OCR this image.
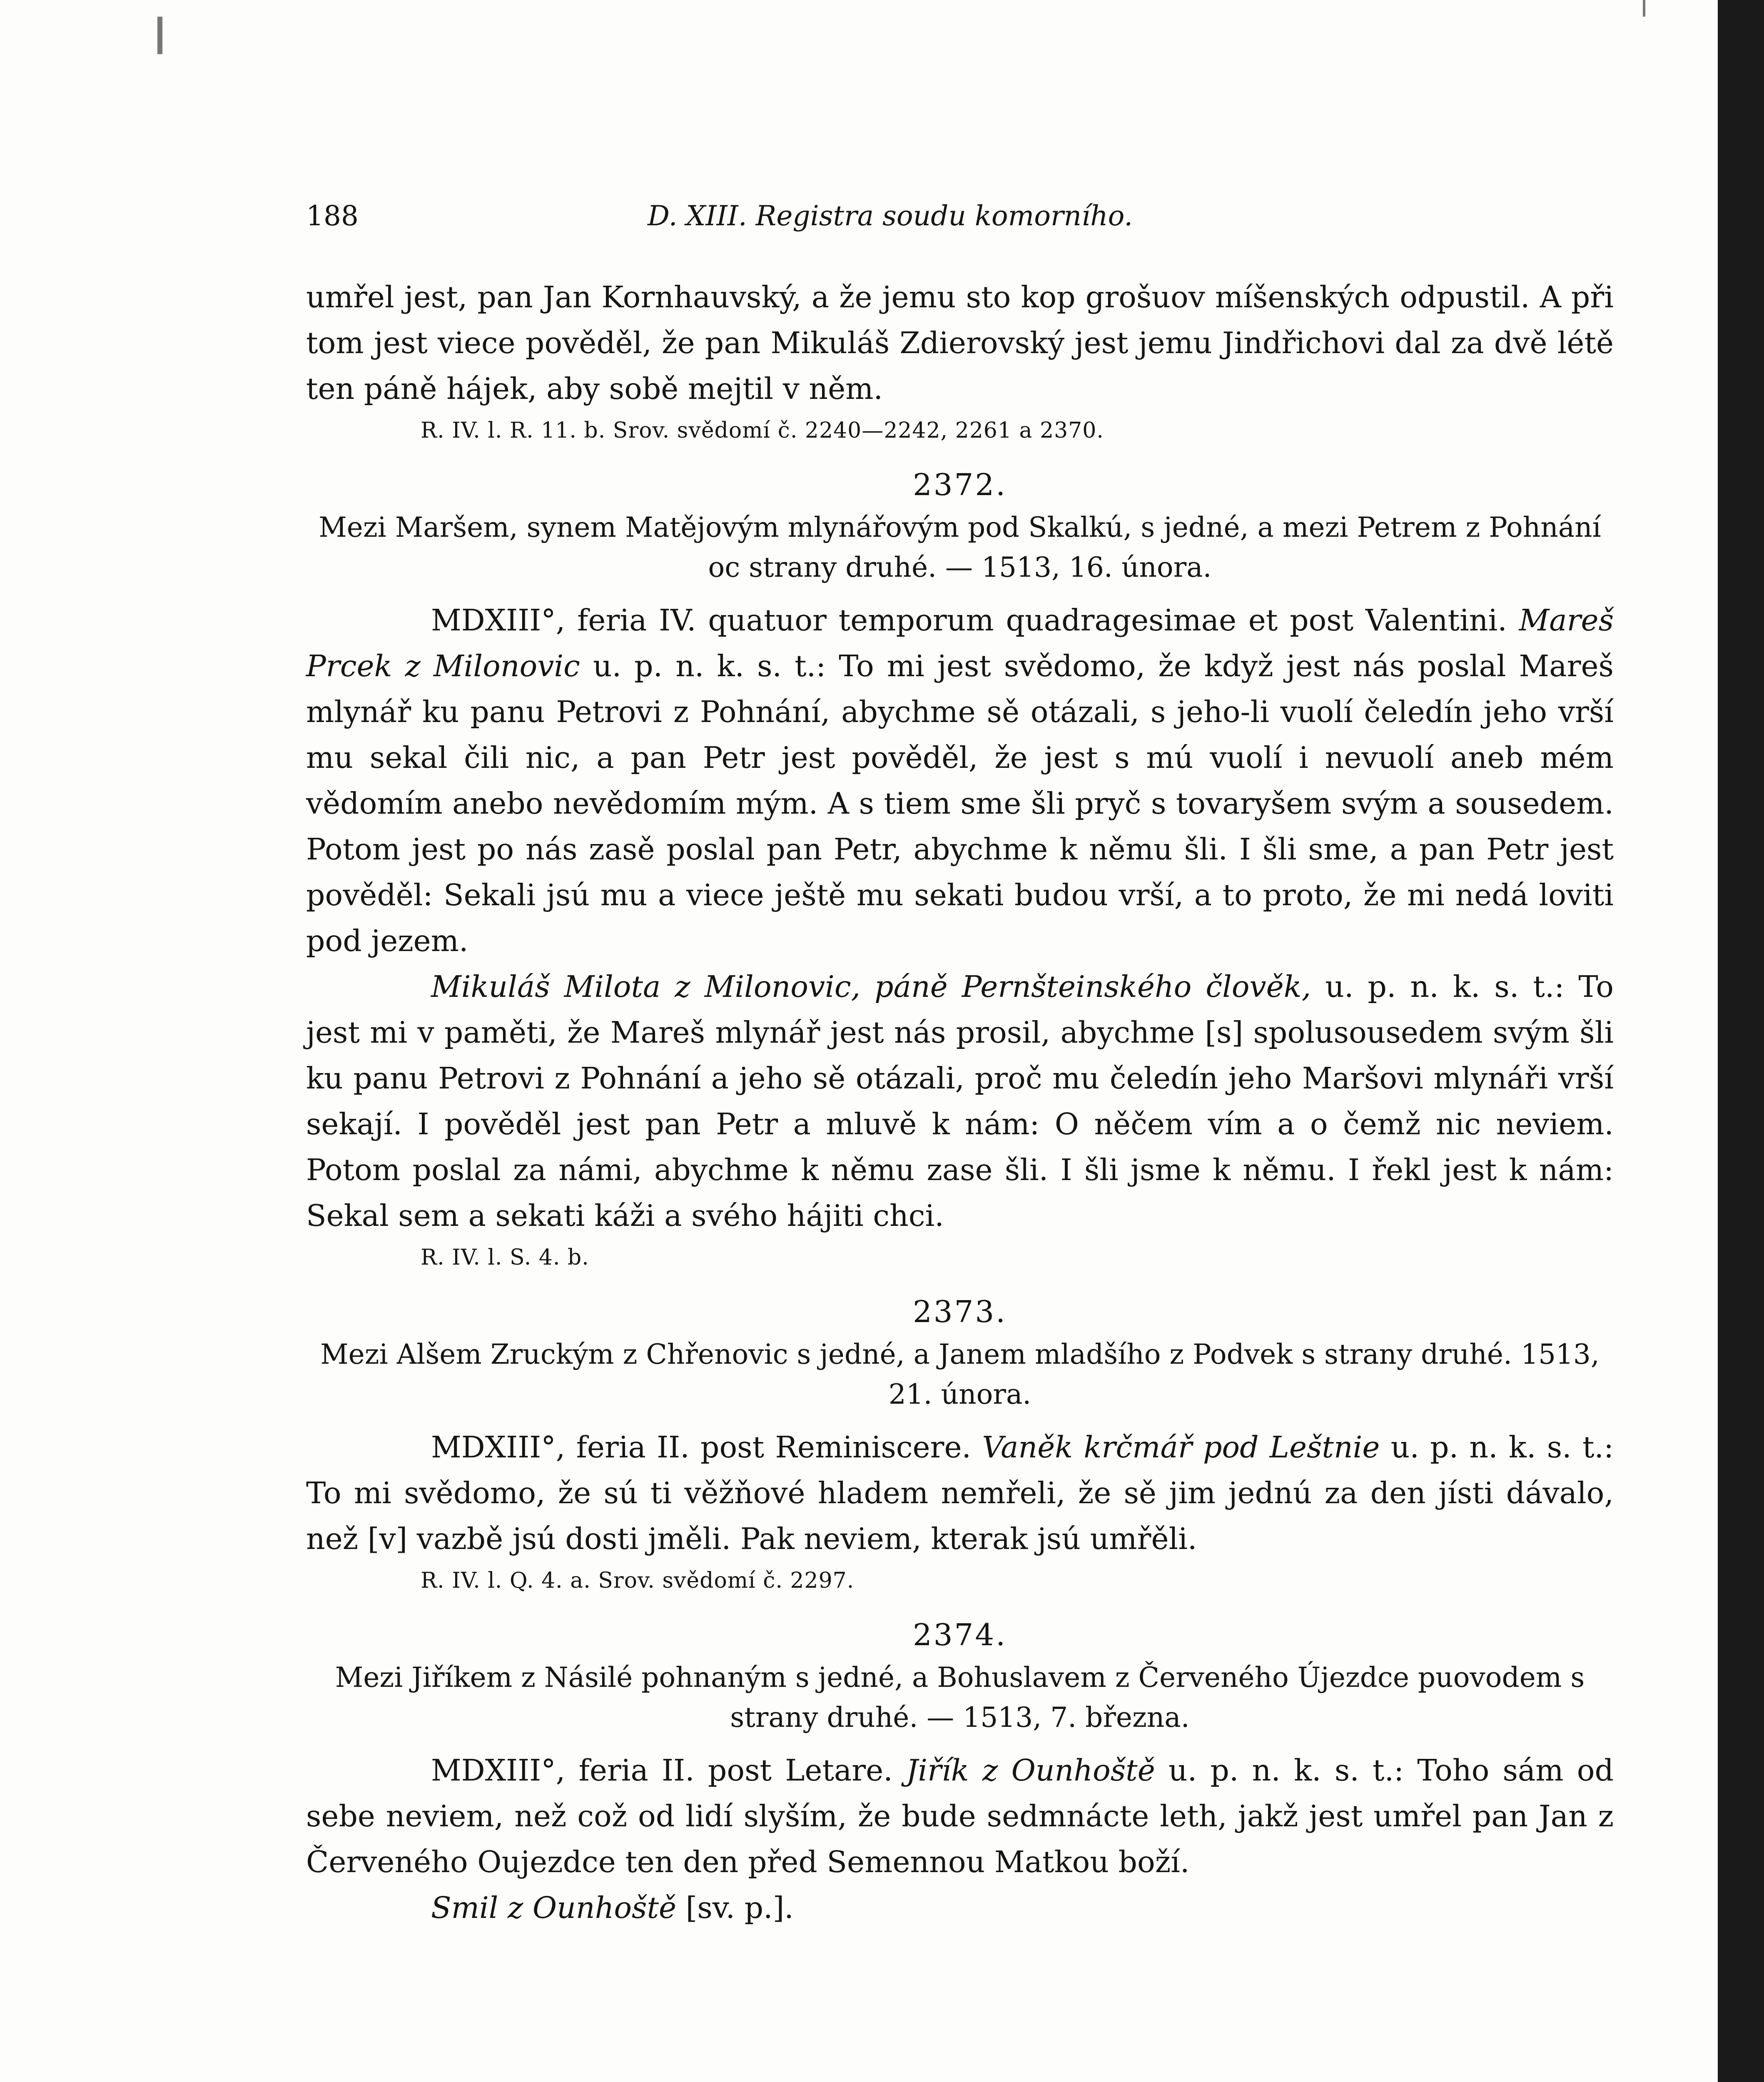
188	D. XIII. Registra soudu komorního.

umřel jest, pan Jan Kornhauvský, a že jemu sto kop grošuov míšenských odpustil. A při tom jest viece pověděl, že pan Mikuláš Zdierovský jest jemu Jindřichovi dal za dvě létě ten páně hájek, aby sobě mejtil v něm.

R. IV. l. R. 11. b. Srov. svědomí č. 2240—2242, 2261 a 2370.
2372.
Mezi Maršem, synem Matějovým mlynářovým pod Skalkú, s jedné, a mezi Petrem z Pohnání oc strany druhé. — 1513, 16. února.

MDXIII°, feria IV. quatuor temporum quadragesimae et post Valentini. Mareš Prcek z Milonovic u. p. n. k. s. t.: To mi jest svědomo, že když jest nás poslal Mareš mlynář ku panu Petrovi z Pohnání, abychme sě otázali, s jeho-li vuolí čeledín jeho vrší mu sekal čili nic, a pan Petr jest pověděl, že jest s mú vuolí i nevuolí aneb mém vědomím anebo nevědomím mým. A s tiem sme šli pryč s tovaryšem svým a sousedem. Potom jest po nás zasě poslal pan Petr, abychme k němu šli. I šli sme, a pan Petr jest pověděl: Sekali jsú mu a viece ještě mu sekati budou vrší, a to proto, že mi nedá loviti pod jezem.

Mikuláš Milota z Milonovic, páně Pernšteinského člověk, u. p. n. k. s. t.: To jest mi v paměti, že Mareš mlynář jest nás prosil, abychme [s] spolusousedem svým šli ku panu Petrovi z Pohnání a jeho sě otázali, proč mu čeledín jeho Maršovi mlynáři vrší sekají. I pověděl jest pan Petr a mluvě k nám: O něčem vím a o čemž nic neviem. Potom poslal za námi, abychme k němu zase šli. I šli jsme k němu. I řekl jest k nám: Sekal sem a sekati káži a svého hájiti chci.

R. IV. l. S. 4. b.
2373.
Mezi Alšem Zruckým z Chřenovic s jedné, a Janem mladšího z Podvek s strany druhé. 1513, 21. února.

MDXIII°, feria II. post Reminiscere. Vaněk krčmář pod Leštnie u. p. n. k. s. t.: To mi svědomo, že sú ti věžňové hladem nemřeli, že sě jim jednú za den jísti dávalo, než [v] vazbě jsú dosti jměli. Pak neviem, kterak jsú umřěli.

R. IV. l. Q. 4. a. Srov. svědomí č. 2297.
2374.
Mezi Jiříkem z Násilé pohnaným s jedné, a Bohuslavem z Červeného Újezdce puovodem s strany druhé. — 1513, 7. března.

MDXIII°, feria II. post Letare. Jiřík z Ounhoště u. p. n. k. s. t.: Toho sám od sebe neviem, než což od lidí slyším, že bude sedmnácte leth, jakž jest umřel pan Jan z Červeného Oujezdce ten den před Semennou Matkou boží.

Smil z Ounhoště [sv. p.].
